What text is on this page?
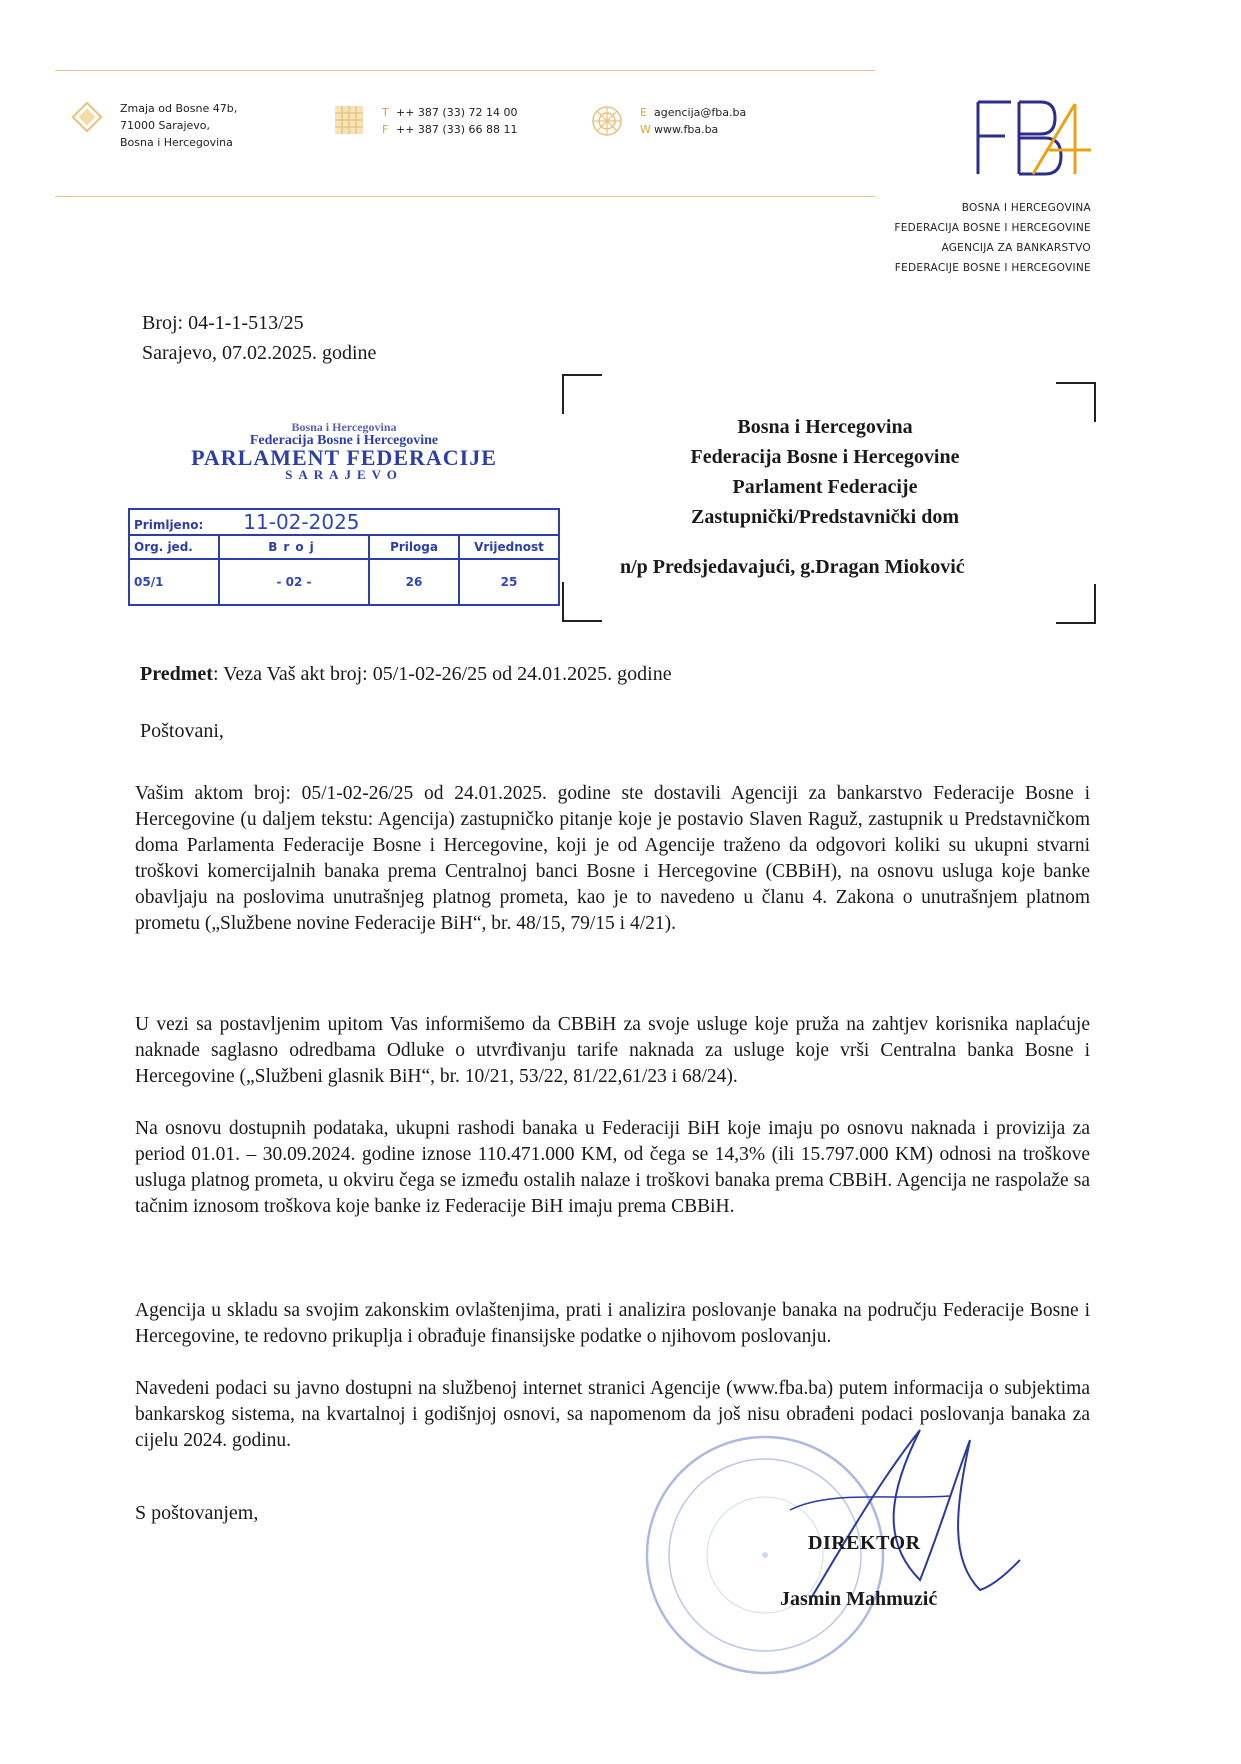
Zmaja od Bosne 47b,
71000 Sarajevo,
Bosna i Hercegovina
T ++ 387 (33) 72 14 00
F ++ 387 (33) 66 88 11
E agencija@fba.ba
W www.fba.ba
BOSNA I HERCEGOVINA
FEDERACIJA BOSNE I HERCEGOVINE
AGENCIJA ZA BANKARSTVO
FEDERACIJE BOSNE I HERCEGOVINE
Broj: 04-1-1-513/25
Sarajevo, 07.02.2025. godine
Bosna i Hercegovina
Federacija Bosne i Hercegovine
PARLAMENT FEDERACIJE
SARAJEVO
Primljeno: 11-02-2025			
Org. jed.	Broj	Priloga	Vrijednost
05/1	- 02 -	26	25
Bosna i Hercegovina
Federacija Bosne i Hercegovine
Parlament Federacije
Zastupnički/Predstavnički dom
n/p Predsjedavajući, g.Dragan Mioković
Predmet: Veza Vaš akt broj: 05/1-02-26/25 od 24.01.2025. godine
Poštovani,
Vašim aktom broj: 05/1-02-26/25 od 24.01.2025. godine ste dostavili Agenciji za bankarstvo Federacije Bosne i Hercegovine (u daljem tekstu: Agencija) zastupničko pitanje koje je postavio Slaven Raguž, zastupnik u Predstavničkom doma Parlamenta Federacije Bosne i Hercegovine, koji je od Agencije traženo da odgovori koliki su ukupni stvarni troškovi komercijalnih banaka prema Centralnoj banci Bosne i Hercegovine (CBBiH), na osnovu usluga koje banke obavljaju na poslovima unutrašnjeg platnog prometa, kao je to navedeno u članu 4. Zakona o unutrašnjem platnom prometu („Službene novine Federacije BiH“, br. 48/15, 79/15 i 4/21).
U vezi sa postavljenim upitom Vas informišemo da CBBiH za svoje usluge koje pruža na zahtjev korisnika naplaćuje naknade saglasno odredbama Odluke o utvrđivanju tarife naknada za usluge koje vrši Centralna banka Bosne i Hercegovine („Službeni glasnik BiH“, br. 10/21, 53/22, 81/22,61/23 i 68/24).
Na osnovu dostupnih podataka, ukupni rashodi banaka u Federaciji BiH koje imaju po osnovu naknada i provizija za period 01.01. – 30.09.2024. godine iznose 110.471.000 KM, od čega se 14,3% (ili 15.797.000 KM) odnosi na troškove usluga platnog prometa, u okviru čega se između ostalih nalaze i troškovi banaka prema CBBiH. Agencija ne raspolaže sa tačnim iznosom troškova koje banke iz Federacije BiH imaju prema CBBiH.
Agencija u skladu sa svojim zakonskim ovlaštenjima, prati i analizira poslovanje banaka na području Federacije Bosne i Hercegovine, te redovno prikuplja i obrađuje finansijske podatke o njihovom poslovanju.
Navedeni podaci su javno dostupni na službenoj internet stranici Agencije (www.fba.ba) putem informacija o subjektima bankarskog sistema, na kvartalnoj i godišnjoj osnovi, sa napomenom da još nisu obrađeni podaci poslovanja banaka za cijelu 2024. godinu.
S poštovanjem,
DIREKTOR
Jasmin Mahmuzić
